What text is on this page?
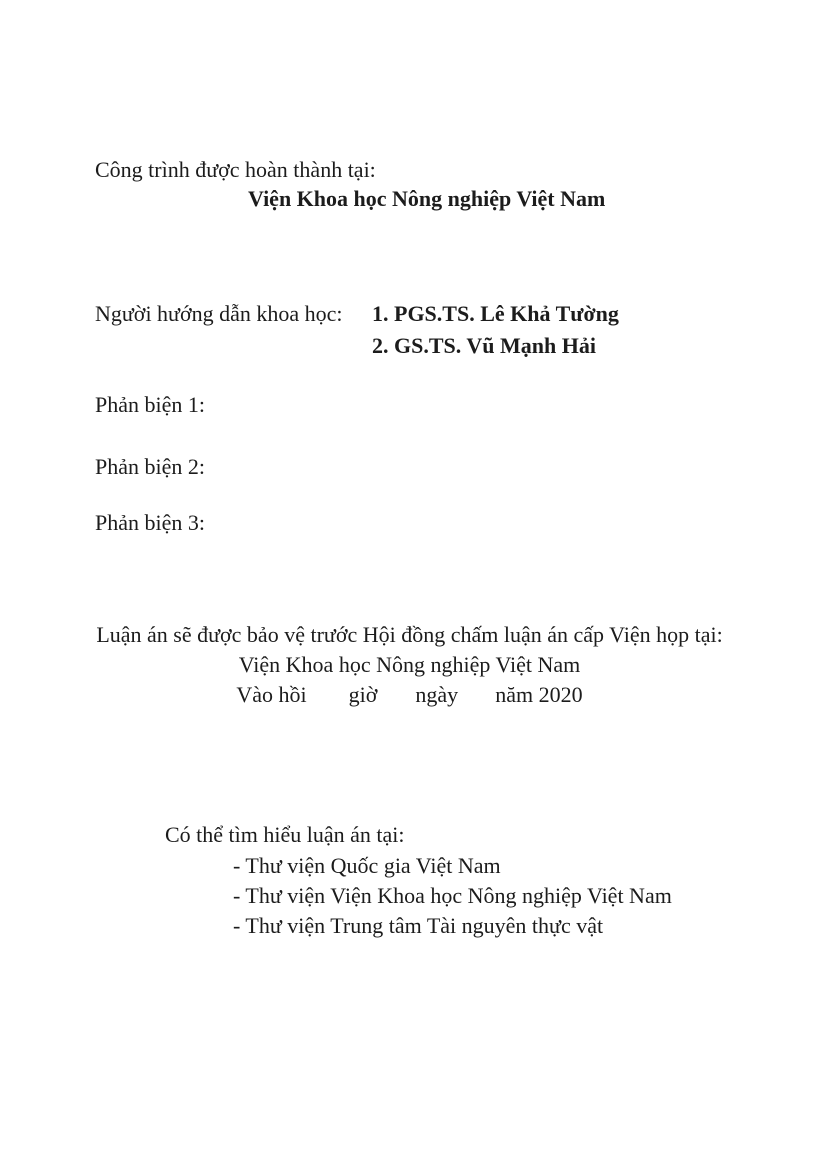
Công trình được hoàn thành tại:
Viện Khoa học Nông nghiệp Việt Nam
Người hướng dẫn khoa học: 1. PGS.TS. Lê Khả Tường
2. GS.TS. Vũ Mạnh Hải
Phản biện 1:
Phản biện 2:
Phản biện 3:
Luận án sẽ được bảo vệ trước Hội đồng chấm luận án cấp Viện họp tại:
Viện Khoa học Nông nghiệp Việt Nam
Vào hồi giờ ngày năm 2020
Có thể tìm hiểu luận án tại:
- Thư viện Quốc gia Việt Nam
- Thư viện Viện Khoa học Nông nghiệp Việt Nam
- Thư viện Trung tâm Tài nguyên thực vật
